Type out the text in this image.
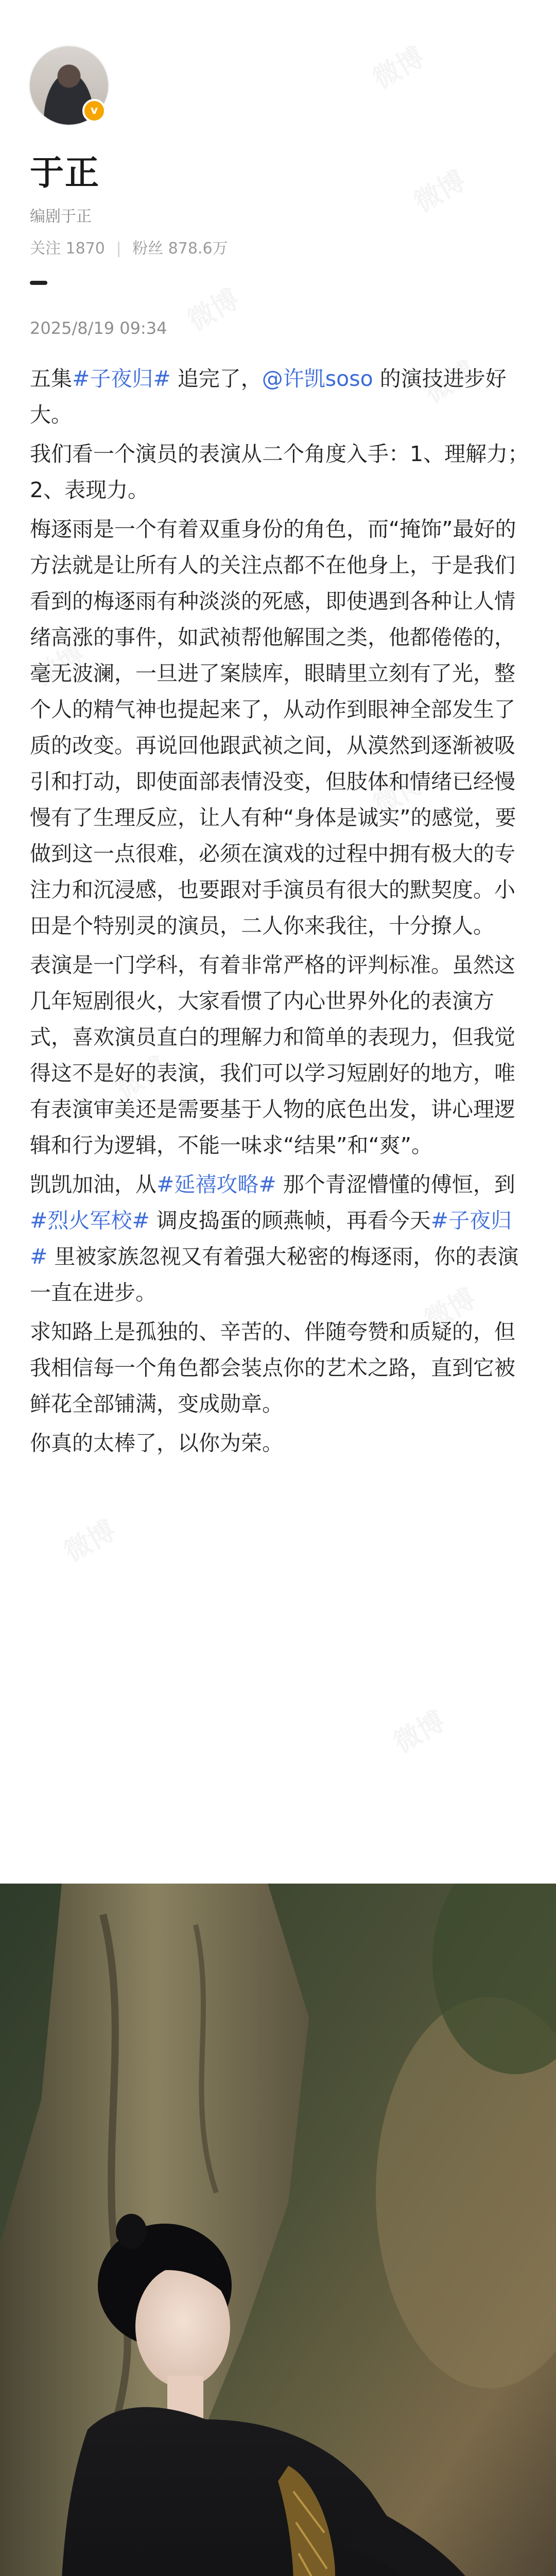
v
于正
编剧于正
关注 1870 | 粉丝 878.6万
2025/8/19 09:34

五集#子夜归# 追完了，@许凯soso 的演技进步好大。

我们看一个演员的表演从二个角度入手：1、理解力；2、表现力。

梅逐雨是一个有着双重身份的角色，而“掩饰”最好的方法就是让所有人的关注点都不在他身上，于是我们看到的梅逐雨有种淡淡的死感，即使遇到各种让人情绪高涨的事件，如武祯帮他解围之类，他都倦倦的，毫无波澜，一旦进了案牍库，眼睛里立刻有了光，整个人的精气神也提起来了，从动作到眼神全部发生了质的改变。再说回他跟武祯之间，从漠然到逐渐被吸引和打动，即使面部表情没变，但肢体和情绪已经慢慢有了生理反应，让人有种“身体是诚实”的感觉，要做到这一点很难，必须在演戏的过程中拥有极大的专注力和沉浸感，也要跟对手演员有很大的默契度。小田是个特别灵的演员，二人你来我往，十分撩人。

表演是一门学科，有着非常严格的评判标准。虽然这几年短剧很火，大家看惯了内心世界外化的表演方式，喜欢演员直白的理解力和简单的表现力，但我觉得这不是好的表演，我们可以学习短剧好的地方，唯有表演审美还是需要基于人物的底色出发，讲心理逻辑和行为逻辑，不能一味求“结果”和“爽”。

凯凯加油，从#延禧攻略# 那个青涩懵懂的傅恒，到#烈火军校# 调皮捣蛋的顾燕帧，再看今天#子夜归# 里被家族忽视又有着强大秘密的梅逐雨，你的表演一直在进步。

求知路上是孤独的、辛苦的、伴随夸赞和质疑的，但我相信每一个角色都会装点你的艺术之路，直到它被鲜花全部铺满，变成勋章。

你真的太棒了，以你为荣。
